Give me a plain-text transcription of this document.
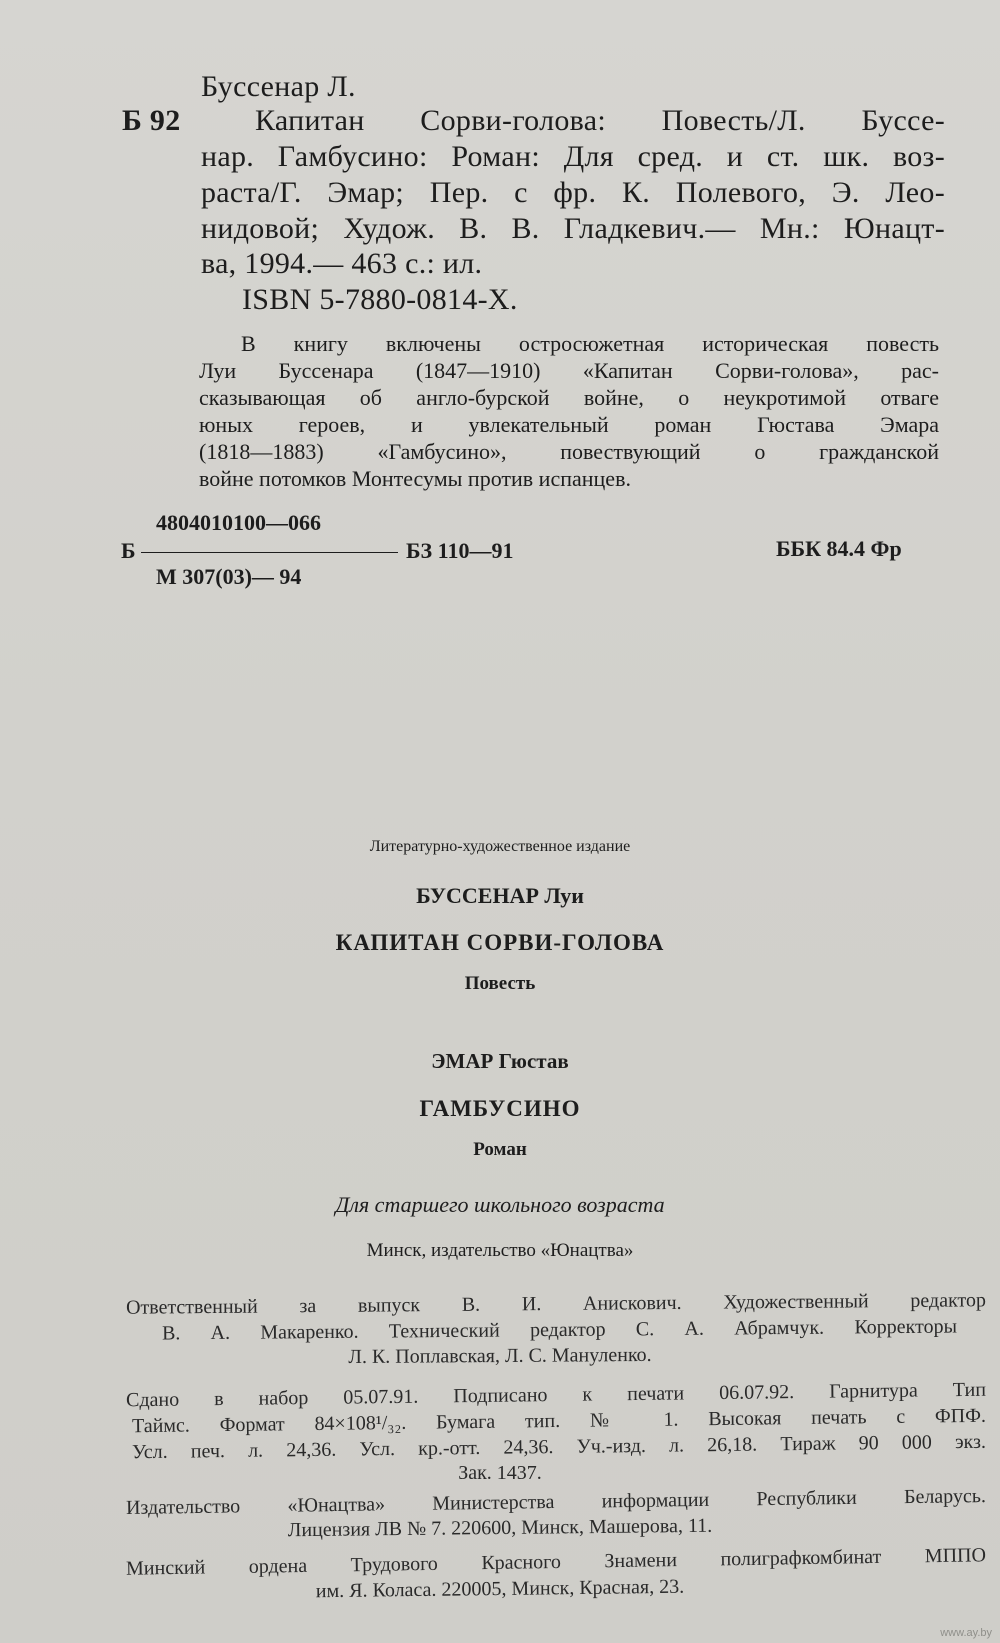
Буссенар Л.
Б 92 Капитан Сорви-голова: Повесть/Л. Буссе-
нар. Гамбусино: Роман: Для сред. и ст. шк. воз-
раста/Г. Эмар; Пер. с фр. К. Полевого, Э. Лео-
нидовой; Худож. В. В. Гладкевич.— Мн.: Юнацт-
ва, 1994.— 463 с.: ил.
ISBN 5-7880-0814-X.
В книгу включены остросюжетная историческая повесть
Луи Буссенара (1847—1910) «Капитан Сорви-голова», рас-
сказывающая об англо-бурской войне, о неукротимой отваге
юных героев, и увлекательный роман Гюстава Эмара
(1818—1883) «Гамбусино», повествующий о гражданской
войне потомков Монтесумы против испанцев.
4804010100—066
Б	БЗ 110—91
М 307(03)— 94
ББК 84.4 Фр
Литературно-художественное издание
БУССЕНАР Луи
КАПИТАН СОРВИ-ГОЛОВА
Повесть
ЭМАР Гюстав
ГАМБУСИНО
Роман
Для старшего школьного возраста
Минск, издательство «Юнацтва»
Ответственный за выпуск В. И. Анискович. Художественный редактор
В. А. Макаренко. Технический редактор С. А. Абрамчук. Корректоры
Л. К. Поплавская, Л. С. Мануленко.
Сдано в набор 05.07.91. Подписано к печати 06.07.92. Гарнитура Тип
Таймс. Формат 84×108¹/₃₂. Бумага тип. № 1. Высокая печать с ФПФ.
Усл. печ. л. 24,36. Усл. кр.-отт. 24,36. Уч.-изд. л. 26,18. Тираж 90 000 экз.
Зак. 1437.
Издательство «Юнацтва» Министерства информации Республики Беларусь.
Лицензия ЛВ № 7. 220600, Минск, Машерова, 11.
Минский ордена Трудового Красного Знамени полиграфкомбинат МППО
им. Я. Коласа. 220005, Минск, Красная, 23.
www.ay.by
